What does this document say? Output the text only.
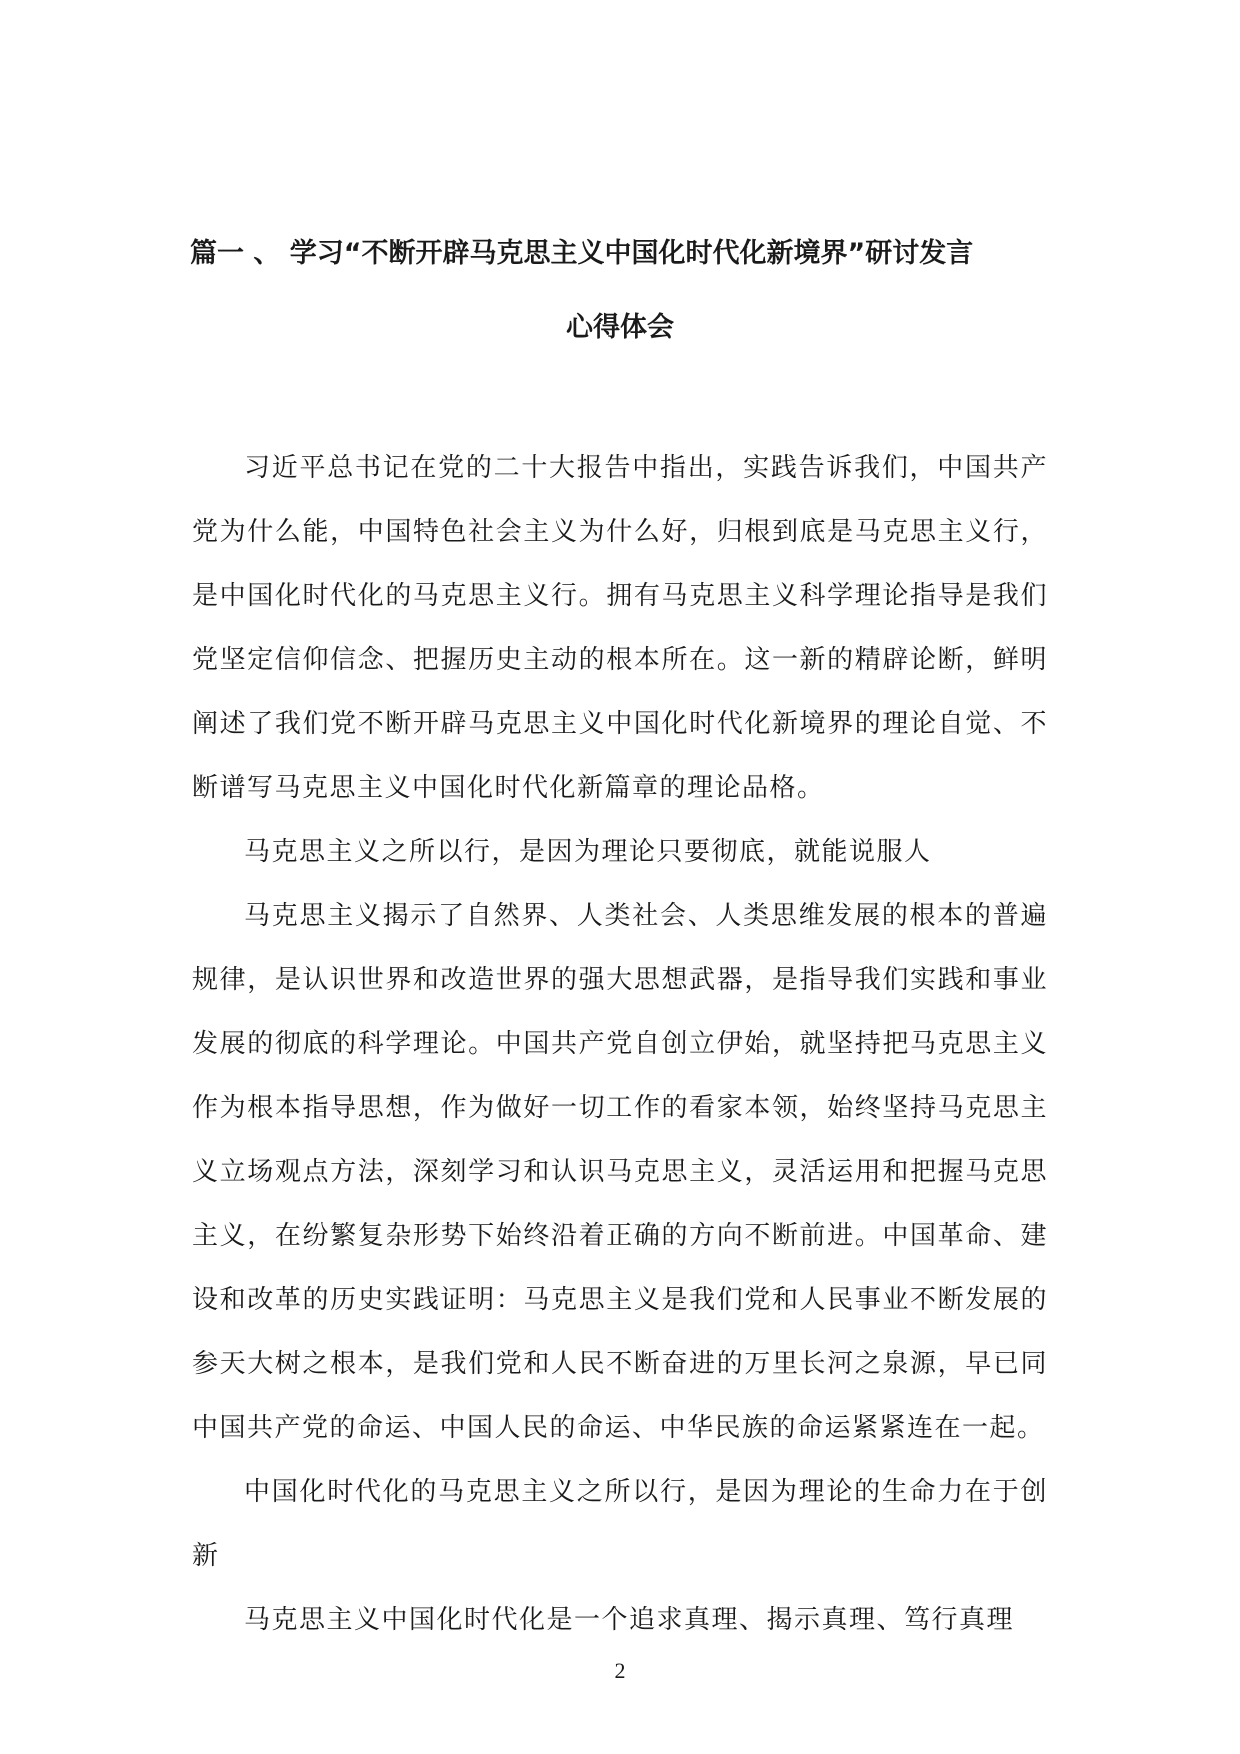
篇一 、 学习“不断开辟马克思主义中国化时代化新境界”研讨发言
心得体会

习近平总书记在党的二十大报告中指出，实践告诉我们，中国共产党为什么能，中国特色社会主义为什么好，归根到底是马克思主义行，是中国化时代化的马克思主义行。拥有马克思主义科学理论指导是我们党坚定信仰信念、把握历史主动的根本所在。这一新的精辟论断，鲜明阐述了我们党不断开辟马克思主义中国化时代化新境界的理论自觉、不断谱写马克思主义中国化时代化新篇章的理论品格。

马克思主义之所以行，是因为理论只要彻底，就能说服人

马克思主义揭示了自然界、人类社会、人类思维发展的根本的普遍规律，是认识世界和改造世界的强大思想武器，是指导我们实践和事业发展的彻底的科学理论。中国共产党自创立伊始，就坚持把马克思主义作为根本指导思想，作为做好一切工作的看家本领，始终坚持马克思主义立场观点方法，深刻学习和认识马克思主义，灵活运用和把握马克思主义，在纷繁复杂形势下始终沿着正确的方向不断前进。中国革命、建设和改革的历史实践证明：马克思主义是我们党和人民事业不断发展的参天大树之根本，是我们党和人民不断奋进的万里长河之泉源，早已同中国共产党的命运、中国人民的命运、中华民族的命运紧紧连在一起。

中国化时代化的马克思主义之所以行，是因为理论的生命力在于创新

马克思主义中国化时代化是一个追求真理、揭示真理、笃行真理

2
